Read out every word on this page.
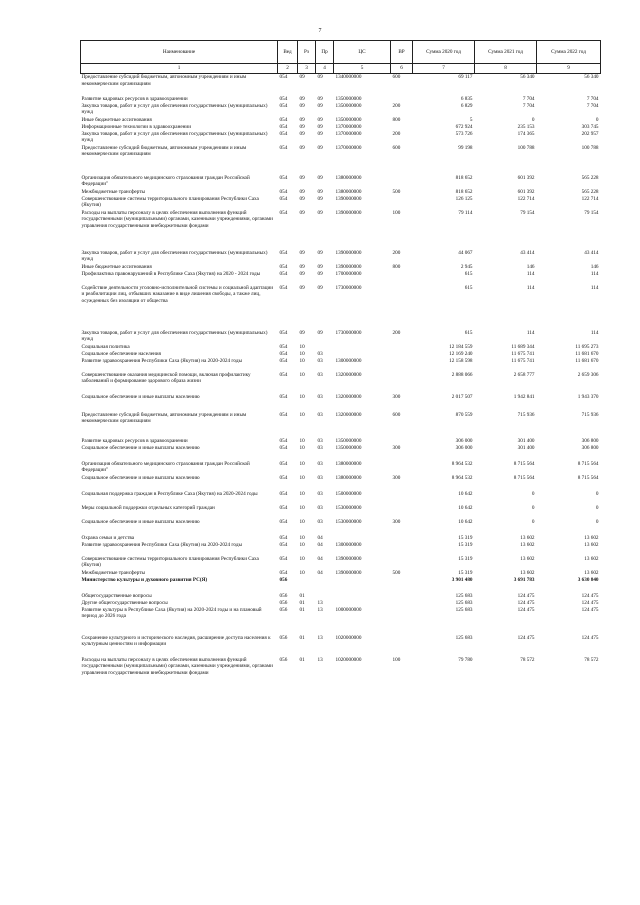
7
Наименование	Вед	Рз	Пр	ЦС	ВР	Сумма 2020 год	Сумма 2021 год	Сумма 2022 год
1	2	3	4	5	6	7	8	9
Предоставление субсидий бюджетным, автономным учреждениям и иным некоммерческим организациям	054	09	09	1340000000	600	69 117	56 340	56 340
Развитие кадровых ресурсов в здравоохранении	054	09	09	1350000000		6 835	7 704	7 704
Закупка товаров, работ и услуг для обеспечения государственных (муниципальных) нужд	054	09	09	1350000000	200	6 829	7 704	7 704
Иные бюджетные ассигнования	054	09	09	1350000000	800	5	0	0
Информационные технологии в здравоохранении	054	09	09	1370000000		672 924	235 153	303 745
Закупка товаров, работ и услуг для обеспечения государственных (муниципальных) нужд	054	09	09	1370000000	200	573 726	174 365	202 957
Предоставление субсидий бюджетным, автономным учреждениям и иным некоммерческим организациям	054	09	09	1370000000	600	99 198	100 788	100 788
Организация обязательного медицинского страхования граждан Российской Федерации"	054	09	09	1380000000		818 652	601 392	565 228
Межбюджетные трансферты	054	09	09	1380000000	500	818 652	601 392	565 228
Совершенствование системы территориального планирования Республики Саха (Якутия)	054	09	09	1390000000		126 125	122 714	122 714
Расходы на выплаты персоналу в целях обеспечения выполнения функций государственными (муниципальными) органами, казенными учреждениями, органами управления государственными внебюджетными фондами	054	09	09	1390000000	100	79 114	79 154	79 154
Закупка товаров, работ и услуг для обеспечения государственных (муниципальных) нужд	054	09	09	1390000000	200	44 067	43 414	43 414
Иные бюджетные ассигнования	054	09	09	1390000000	800	2 945	146	146
Профилактика правонарушений в Республике Саха (Якутия) на 2020 - 2024 годы	054	09	09	1700000000		615	114	114
Содействие деятельности уголовно-исполнительной системы и социальной адаптации и реабилитации лиц, отбывших наказание в виде лишения свободы, а также лиц, осужденных без изоляции от общества	054	09	09	1730000000		615	114	114
Закупка товаров, работ и услуг для обеспечения государственных (муниципальных) нужд	054	09	09	1730000000	200	615	114	114
Социальная политика	054	10				12 184 559	11 689 344	11 695 273
Социальное обеспечение населения	054	10	03			12 169 240	11 675 741	11 681 670
Развитие здравоохранения Республики Саха (Якутия) на 2020-2024 годы	054	10	03	1300000000		12 158 598	11 675 741	11 681 670
Совершенствование оказания медицинской помощи, включая профилактику заболеваний и формирование здорового образа жизни	054	10	03	1320000000		2 888 066	2 658 777	2 659 306
Социальное обеспечение и иные выплаты населению	054	10	03	1320000000	300	2 017 507	1 942 841	1 943 370
Предоставление субсидий бюджетным, автономным учреждениям и иным некоммерческим организациям	054	10	03	1320000000	600	870 559	715 936	715 936
Развитие кадровых ресурсов в здравоохранении	054	10	03	1350000000		306 000	301 400	306 800
Социальное обеспечение и иные выплаты населению	054	10	03	1350000000	300	306 000	301 400	306 800
Организация обязательного медицинского страхования граждан Российской Федерации"	054	10	03	1380000000		8 964 532	8 715 564	8 715 564
Социальное обеспечение и иные выплаты населению	054	10	03	1380000000	300	8 964 532	8 715 564	8 715 564
Социальная поддержка граждан в Республике Саха (Якутия) на 2020-2024 годы	054	10	03	1500000000		10 642	0	0
Меры социальной поддержки отдельных категорий граждан	054	10	03	1530000000		10 642	0	0
Социальное обеспечение и иные выплаты населению	054	10	03	1530000000	300	10 642	0	0
Охрана семьи и детства	054	10	04			15 319	13 602	13 602
Развитие здравоохранения Республики Саха (Якутия) на 2020-2024 годы	054	10	04	1300000000		15 319	13 602	13 602
Совершенствование системы территориального планирования Республики Саха (Якутия)	054	10	04	1390000000		15 319	13 602	13 602
Межбюджетные трансферты	054	10	04	1390000000	500	15 319	13 602	13 602
Министерство культуры и духовного развития РС(Я)	056					3 901 480	3 691 783	3 630 840
Общегосударственные вопросы	056	01				125 683	124 475	124 475
Другие общегосударственные вопросы	056	01	13			125 683	124 475	124 475
Развитие культуры в Республике Саха (Якутия) на 2020-2024 годы и на плановый период до 2026 года	056	01	13	1000000000		125 683	124 475	124 475
Сохранение культурного и исторического наследия, расширение доступа населения к культурным ценностям и информации	056	01	13	1020000000		125 683	124 475	124 475
Расходы на выплаты персоналу в целях обеспечения выполнения функций государственными (муниципальными) органами, казенными учреждениями, органами управления государственными внебюджетными фондами	056	01	13	1020000000	100	79 780	78 572	78 572
